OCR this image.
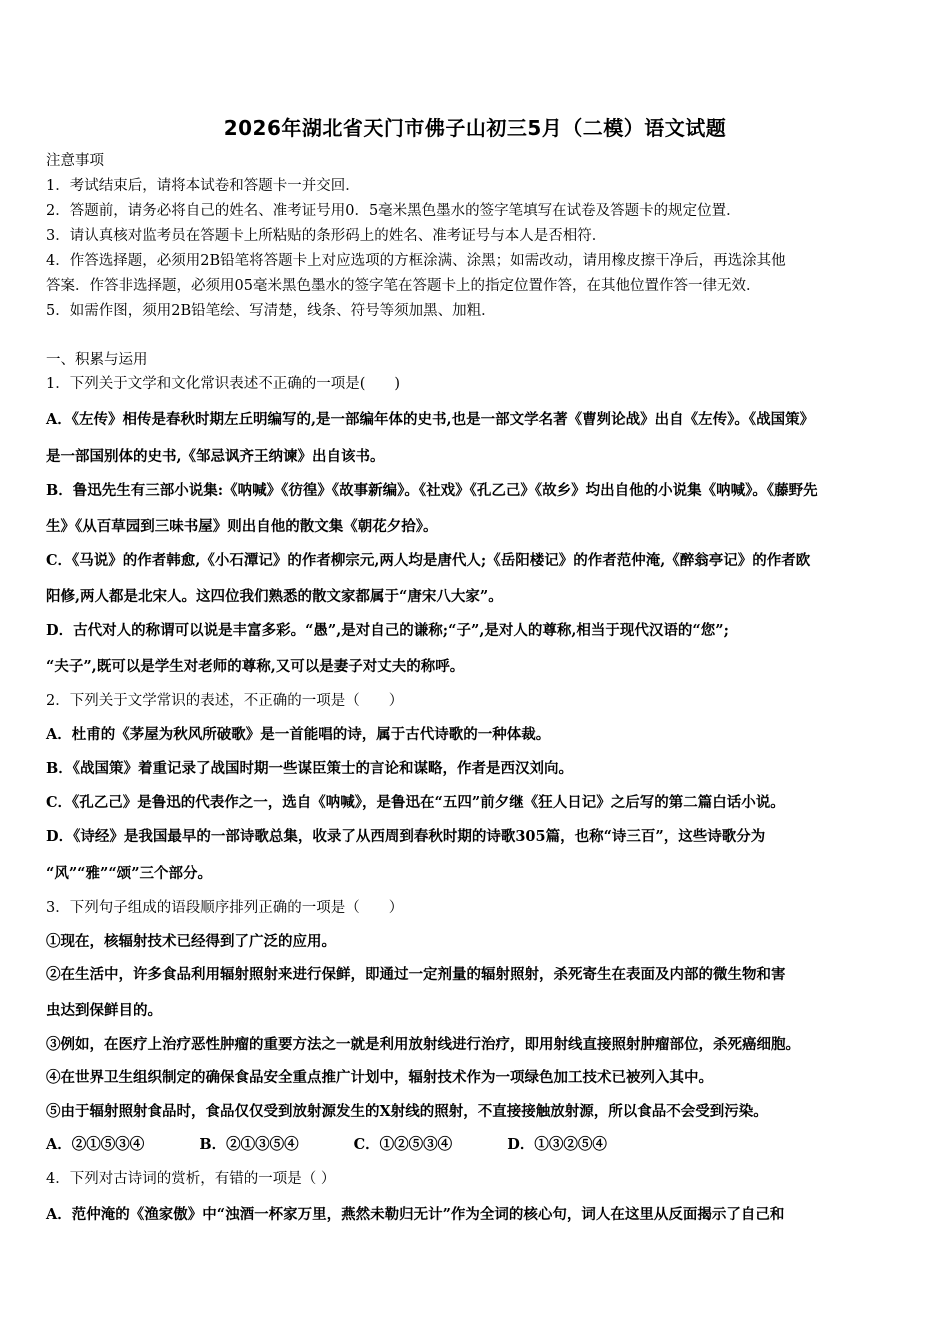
2026年湖北省天门市佛子山初三5月（二模）语文试题
注意事项
1．考试结束后，请将本试卷和答题卡一并交回．
2．答题前，请务必将自己的姓名、准考证号用0．5毫米黑色墨水的签字笔填写在试卷及答题卡的规定位置．
3．请认真核对监考员在答题卡上所粘贴的条形码上的姓名、准考证号与本人是否相符．
4．作答选择题，必须用2B铅笔将答题卡上对应选项的方框涂满、涂黑；如需改动，请用橡皮擦干净后，再选涂其他
答案．作答非选择题，必须用05毫米黑色墨水的签字笔在答题卡上的指定位置作答，在其他位置作答一律无效．
5．如需作图，须用2B铅笔绘、写清楚，线条、符号等须加黑、加粗．
一、积累与运用
1．下列关于文学和文化常识表述不正确的一项是(　　)
A．《左传》相传是春秋时期左丘明编写的,是一部编年体的史书,也是一部文学名著《曹刿论战》出自《左传》。《战国策》
是一部国别体的史书,《邹忌讽齐王纳谏》出自该书。
B．鲁迅先生有三部小说集:《呐喊》《彷徨》《故事新编》。《社戏》《孔乙己》《故乡》均出自他的小说集《呐喊》。《藤野先
生》《从百草园到三味书屋》则出自他的散文集《朝花夕拾》。
C．《马说》的作者韩愈,《小石潭记》的作者柳宗元,两人均是唐代人;《岳阳楼记》的作者范仲淹,《醉翁亭记》的作者欧
阳修,两人都是北宋人。这四位我们熟悉的散文家都属于“唐宋八大家”。
D．古代对人的称谓可以说是丰富多彩。“愚”,是对自己的谦称;“子”,是对人的尊称,相当于现代汉语的“您”;
“夫子”,既可以是学生对老师的尊称,又可以是妻子对丈夫的称呼。
2．下列关于文学常识的表述，不正确的一项是（　　）
A．杜甫的《茅屋为秋风所破歌》是一首能唱的诗，属于古代诗歌的一种体裁。
B．《战国策》着重记录了战国时期一些谋臣策士的言论和谋略，作者是西汉刘向。
C．《孔乙己》是鲁迅的代表作之一，选自《呐喊》，是鲁迅在“五四”前夕继《狂人日记》之后写的第二篇白话小说。
D．《诗经》是我国最早的一部诗歌总集，收录了从西周到春秋时期的诗歌305篇，也称“诗三百”，这些诗歌分为
“风”“雅”“颂”三个部分。
3．下列句子组成的语段顺序排列正确的一项是（　　）
①现在，核辐射技术已经得到了广泛的应用。
②在生活中，许多食品利用辐射照射来进行保鲜，即通过一定剂量的辐射照射，杀死寄生在表面及内部的微生物和害
虫达到保鲜目的。
③例如，在医疗上治疗恶性肿瘤的重要方法之一就是利用放射线进行治疗，即用射线直接照射肿瘤部位，杀死癌细胞。
④在世界卫生组织制定的确保食品安全重点推广计划中，辐射技术作为一项绿色加工技术已被列入其中。
⑤由于辐射照射食品时，食品仅仅受到放射源发生的X射线的照射，不直接接触放射源，所以食品不会受到污染。
A．②①⑤③④	B．②①③⑤④	C．①②⑤③④	D．①③②⑤④
4．下列对古诗词的赏析，有错的一项是（ ）
A．范仲淹的《渔家傲》中“浊酒一杯家万里，燕然未勒归无计”作为全词的核心句，词人在这里从反面揭示了自己和
